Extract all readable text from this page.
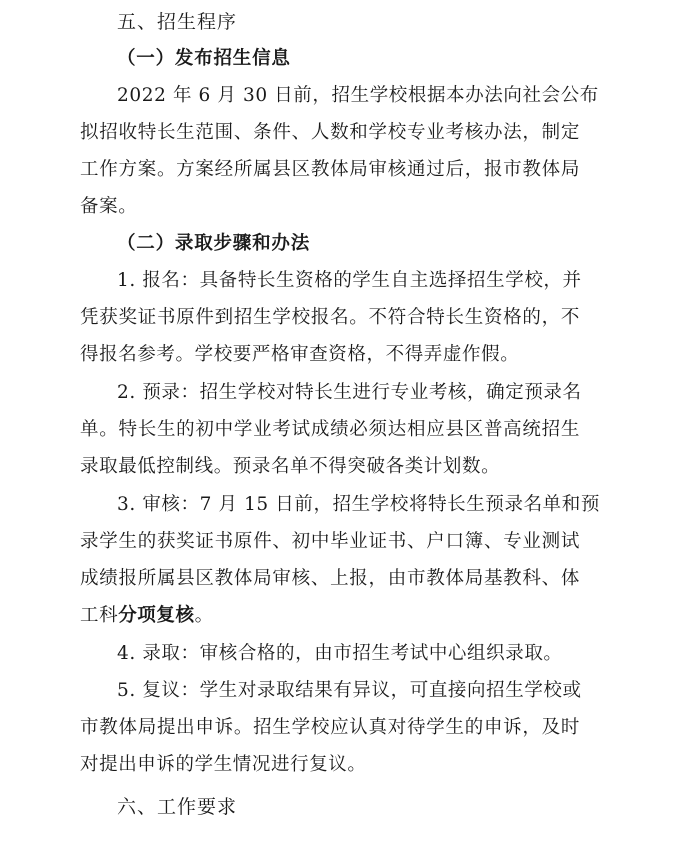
五、招生程序
（一）发布招生信息
2022 年 6 月 30 日前，招生学校根据本办法向社会公布
拟招收特长生范围、条件、人数和学校专业考核办法，制定
工作方案。方案经所属县区教体局审核通过后，报市教体局
备案。
（二）录取步骤和办法
1. 报名：具备特长生资格的学生自主选择招生学校，并
凭获奖证书原件到招生学校报名。不符合特长生资格的，不
得报名参考。学校要严格审查资格，不得弄虚作假。
2. 预录：招生学校对特长生进行专业考核，确定预录名
单。特长生的初中学业考试成绩必须达相应县区普高统招生
录取最低控制线。预录名单不得突破各类计划数。
3. 审核：7 月 15 日前，招生学校将特长生预录名单和预
录学生的获奖证书原件、初中毕业证书、户口簿、专业测试
成绩报所属县区教体局审核、上报，由市教体局基教科、体
工科分项复核。
4. 录取：审核合格的，由市招生考试中心组织录取。
5. 复议：学生对录取结果有异议，可直接向招生学校或
市教体局提出申诉。招生学校应认真对待学生的申诉，及时
对提出申诉的学生情况进行复议。
六、工作要求
